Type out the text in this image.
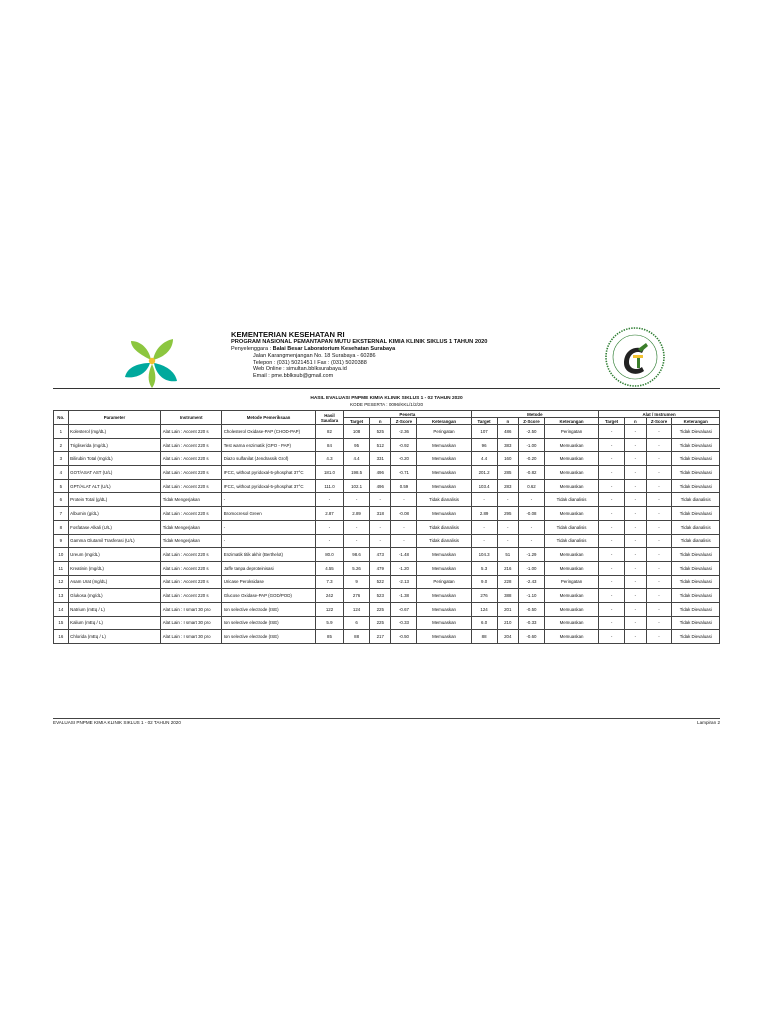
KEMENTERIAN KESEHATAN RI
PROGRAM NASIONAL PEMANTAPAN MUTU EKSTERNAL KIMIA KLINIK SIKLUS 1 TAHUN 2020
Penyelenggara : Balai Besar Laboratorium Kesehatan Surabaya
Jalan Karangmenjangan No. 18 Surabaya - 60286
Telepon : (031) 5021451 I Fax : (031) 5020388
Web Online : simultan.bblksurabaya.id
Email : pme.bblksub@gmail.com
HASIL EVALUASI PNPME KIMIA KLINIK SIKLUS 1 - 02 TAHUN 2020
KODE PESERTA : 0096/KKL/1/2/20
No.	Parameter	Instrument	Metode Pemeriksaan	Hasil Saudara	Peserta				Metode				Alat / Instrumen			
					Target	n	Z-Score	Keterangan	Target	n	Z-Score	Keterangan	Target	n	Z-Score	Keterangan
1	Kolesterol (mg/dL)	Alat Lain : Accent 220 s	Cholesterol Oxidase-PAP (CHOD-PAP)	82	108	525	-2.36	Peringatan	107	486	-2.50	Peringatan	-	-	-	Tidak Dievaluasi
2	Trigliserida (mg/dL)	Alat Lain : Accent 220 s	Test warna enzimatik (GPO - PAP)	84	95	512	-0.92	Memuaskan	96	383	-1.00	Memuaskan	-	-	-	Tidak Dievaluasi
3	Bilirubin Total (mg/dL)	Alat Lain : Accent 220 s	Diazo sulfanilat (Jendrassik Grof)	4.3	4.4	331	-0.20	Memuaskan	4.4	160	-0.20	Memuaskan	-	-	-	Tidak Dievaluasi
4	GOT/ASAT AST (U/L)	Alat Lain : Accent 220 s	IFCC, without pyridoxal-5-phosphat 37°C	181.0	198.5	496	-0.71	Memuaskan	201.2	285	-0.82	Memuaskan	-	-	-	Tidak Dievaluasi
5	GPT/ALAT ALT (U/L)	Alat Lain : Accent 220 s	IFCC, without pyridoxal-5-phosphat 37°C	111.0	102.1	496	0.59	Memuaskan	103.4	283	0.62	Memuaskan	-	-	-	Tidak Dievaluasi
6	Protein Total (g/dL)	Tidak Mengerjakan	-	-	-	-	-	Tidak dianalisis	-	-	-	Tidak dianalisis	-	-	-	Tidak dianalisis
7	Albumin (g/dL)	Alat Lain : Accent 220 s	Bromocresol Green	2.87	2.89	318	-0.08	Memuaskan	2.89	295	-0.08	Memuaskan	-	-	-	Tidak Dievaluasi
8	Fosfatase Alkali (U/L)	Tidak Mengerjakan	-	-	-	-	-	Tidak dianalisis	-	-	-	Tidak dianalisis	-	-	-	Tidak dianalisis
9	Gamma Glutamil Trasferasi (U/L)	Tidak Mengerjakan	-	-	-	-	-	Tidak dianalisis	-	-	-	Tidak dianalisis	-	-	-	Tidak dianalisis
10	Ureum (mg/dL)	Alat Lain : Accent 220 s	Enzimatik titik akhir (Berthelot)	80.0	98.6	473	-1.48	Memuaskan	104.3	51	-1.29	Memuaskan	-	-	-	Tidak Dievaluasi
11	Kreatinin (mg/dL)	Alat Lain : Accent 220 s	Jaffe tanpa deproteinisasi	4.55	5.26	479	-1.20	Memuaskan	5.3	216	-1.00	Memuaskan	-	-	-	Tidak Dievaluasi
12	Asam Urat (mg/dL)	Alat Lain : Accent 220 s	Uricase Peroksidase	7.3	9	522	-2.13	Peringatan	9.0	228	-2.43	Peringatan	-	-	-	Tidak Dievaluasi
13	Glukosa (mg/dL)	Alat Lain : Accent 220 s	Glucose Oxidase-PAP (GOD/POD)	242	276	523	-1.38	Memuaskan	276	388	-1.10	Memuaskan	-	-	-	Tidak Dievaluasi
14	Natrium (mEq / L)	Alat Lain : I smart 30 pro	Ion selective electrode (ISE)	122	124	225	-0.67	Memuaskan	124	201	-0.50	Memuaskan	-	-	-	Tidak Dievaluasi
15	Kalium (mEq / L)	Alat Lain : I smart 30 pro	Ion selective electrode (ISE)	5.9	6	225	-0.33	Memuaskan	6.0	210	-0.33	Memuaskan	-	-	-	Tidak Dievaluasi
16	Chlorida (mEq / L)	Alat Lain : I smart 30 pro	Ion selective electrode (ISE)	85	88	217	-0.50	Memuaskan	88	204	-0.60	Memuaskan	-	-	-	Tidak Dievaluasi
EVALUASI PNPME KIMIA KLINIK SIKLUS 1 - 02 TAHUN 2020	Lampiran 2
